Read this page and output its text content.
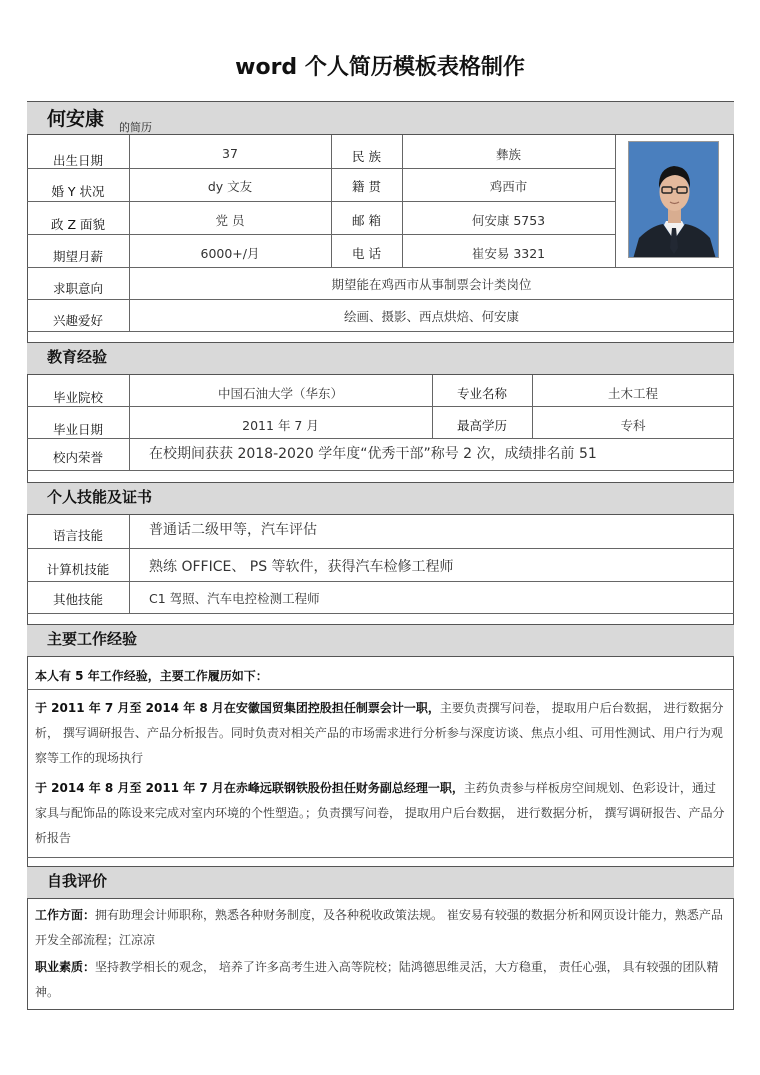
word 个人简历模板表格制作
何安康 的简历
出生日期	37	民 族	彝族
婚 Y 状况	dy 文友	籍 贯	鸡西市
政 Z 面貌	党 员	邮 箱	何安康 5753
期望月薪	6000+/月	电 话	崔安易 3321
求职意向	期望能在鸡西市从事制票会计类岗位
兴趣爱好	绘画、摄影、西点烘焙、何安康
教育经验
毕业院校	中国石油大学（华东）	专业名称	土木工程
毕业日期	2011 年 7 月	最高学历	专科
校内荣誉	在校期间获获 2018-2020 学年度“优秀干部”称号 2 次，成绩排名前 51
个人技能及证书
语言技能	普通话二级甲等，汽车评估
计算机技能	熟练 OFFICE、 PS 等软件，获得汽车检修工程师
其他技能	C1 驾照、汽车电控检测工程师
主要工作经验
本人有 5 年工作经验，主要工作履历如下：
于 2011 年 7 月至 2014 年 8 月在安徽国贸集团控股担任制票会计一职，主要负责撰写问卷， 提取用户后台数据， 进行数据分析， 撰写调研报告、产品分析报告。同时负责对相关产品的市场需求进行分析参与深度访谈、焦点小组、可用性测试、用户行为观察等工作的现场执行
于 2014 年 8 月至 2011 年 7 月在赤峰远联钢铁股份担任财务副总经理一职，主药负责参与样板房空间规划、色彩设计，通过家具与配饰品的陈设来完成对室内环境的个性塑造。；负责撰写问卷， 提取用户后台数据， 进行数据分析， 撰写调研报告、产品分析报告
自我评价
工作方面：拥有助理会计师职称，熟悉各种财务制度，及各种税收政策法规。 崔安易有较强的数据分析和网页设计能力，熟悉产品开发全部流程；江凉凉
职业素质：坚持教学相长的观念， 培养了许多高考生进入高等院校；陆鸿德思维灵活，大方稳重， 责任心强， 具有较强的团队精神。
